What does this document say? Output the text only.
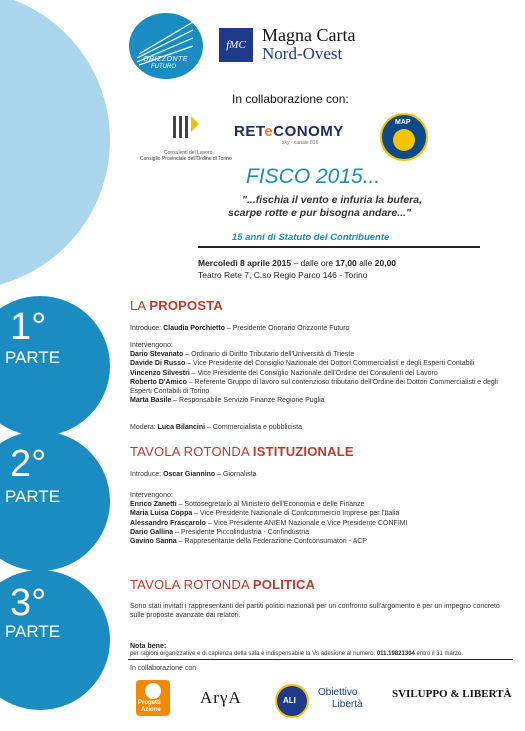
ORIZZONTE
FUTURO
fMC Magna Carta
Nord-Ovest
In collaborazione con:
Consulenti del Lavoro
Consiglio Provinciale dell'Ordine di Torino
RETeCONOMY
sky · canale 816
MAP
FISCO 2015...
"...fischia il vento e infuria la bufera,
scarpe rotte e pur bisogna andare..."
15 anni di Statuto del Contribuente
Mercoledì 8 aprile 2015 – dalle ore 17,00 alle 20,00
Teatro Rete 7, C.so Regio Parco 146 - Torino
1°
PARTE
2°
PARTE
3°
PARTE
LA PROPOSTA
Introduce: Claudia Porchietto – Presidente Onorario Orizzonte Futuro
Intervengono:
Dario Stevanato – Ordinario di Diritto Tributario dell'Università di Trieste
Davide Di Russo – Vice Presidente del Consiglio Nazionale dei Dottori Commercialisti e degli Esperti Contabili
Vincenzo Silvestri – Vice Presidente del Consiglio Nazionale dell'Ordine dei Consulenti del Lavoro
Roberto D'Amico – Referente Gruppo di lavoro sul contenzioso tributario dell'Ordine dei Dottori Commercialisti e degli
Esperti Contabili di Torino
Marta Basile – Responsabile Servizio Finanze Regione Puglia
Modera: Luca Bilancini – Commercialista e pubblicista
TAVOLA ROTONDA ISTITUZIONALE
Introduce: Oscar Giannino – Giornalista
Intervengono:
Enrico Zanetti – Sottosegretario al Ministero dell'Economia e delle Finanze
Maria Luisa Coppa – Vice Presidente Nazionale di Confcommercio Imprese per l'Italia
Alessandro Frascarolo – Vice Presidente ANIEM Nazionale e Vice Presidente CONFIMI
Dario Gallina – Presidente Piccolindustria - Confindustria
Gavino Sanna – Rappresentante della Federazione Confconsumatori - ACP
TAVOLA ROTONDA POLITICA
Sono stati invitati i rappresentanti dei partiti politici nazionali per un confronto sull'argomento e per un impegno concreto
sulle proposte avanzate dai relatori.
Nota bene:
per ragioni organizzative e di capienza della sala è indispensabile la Vs adesione al numero: 011.19821304 entro il 31 marzo.
In collaborazione con
Progetti
Azione
ArγA	ALI
Obiettivo
Libertà
SVILUPPO & LIBERTÀ
